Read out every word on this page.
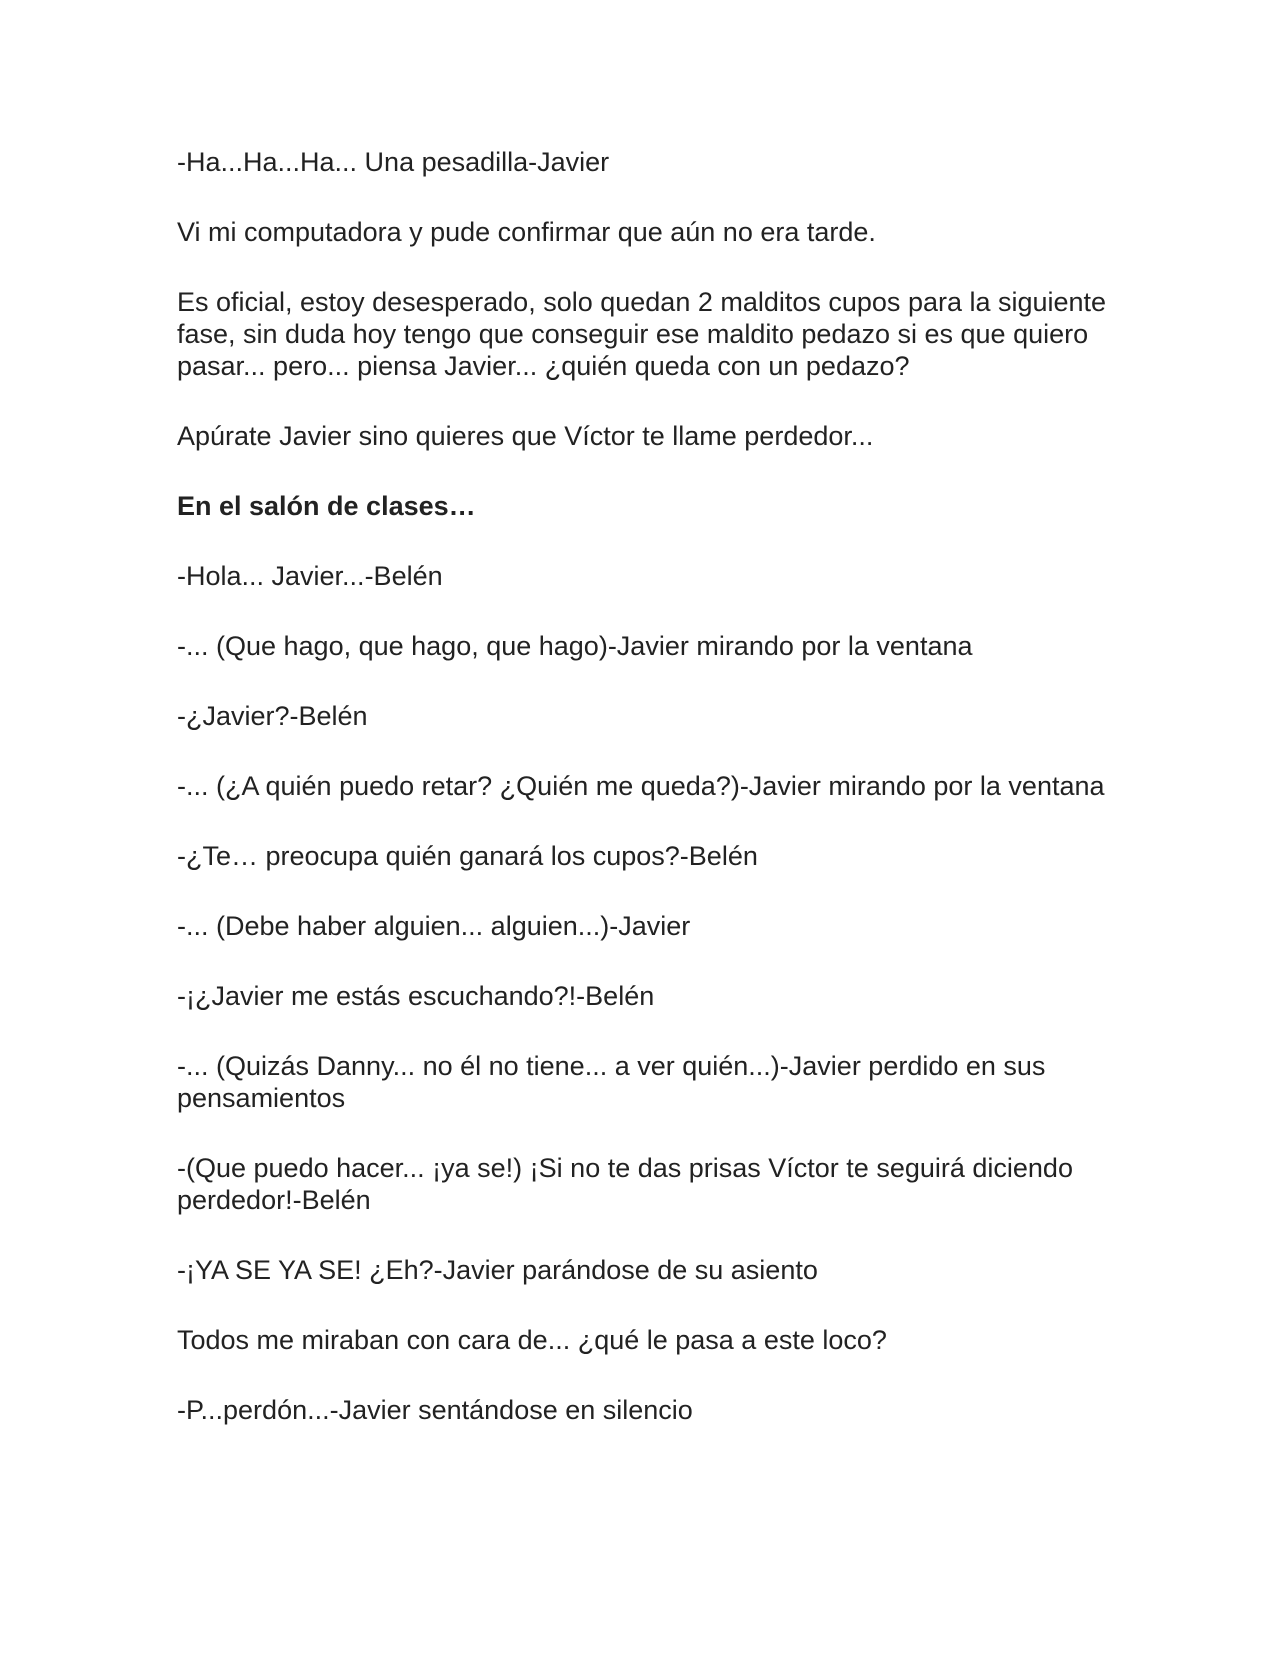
-Ha...Ha...Ha... Una pesadilla-Javier

Vi mi computadora y pude confirmar que aún no era tarde.

Es oficial, estoy desesperado, solo quedan 2 malditos cupos para la siguiente fase, sin duda hoy tengo que conseguir ese maldito pedazo si es que quiero pasar... pero... piensa Javier... ¿quién queda con un pedazo?

Apúrate Javier sino quieres que Víctor te llame perdedor...

En el salón de clases…

-Hola... Javier...-Belén

-... (Que hago, que hago, que hago)-Javier mirando por la ventana

-¿Javier?-Belén

-... (¿A quién puedo retar? ¿Quién me queda?)-Javier mirando por la ventana

-¿Te… preocupa quién ganará los cupos?-Belén

-... (Debe haber alguien... alguien...)-Javier

-¡¿Javier me estás escuchando?!-Belén

-... (Quizás Danny... no él no tiene... a ver quién...)-Javier perdido en sus pensamientos

-(Que puedo hacer... ¡ya se!) ¡Si no te das prisas Víctor te seguirá diciendo perdedor!-Belén

-¡YA SE YA SE! ¿Eh?-Javier parándose de su asiento

Todos me miraban con cara de... ¿qué le pasa a este loco?

-P...perdón...-Javier sentándose en silencio
